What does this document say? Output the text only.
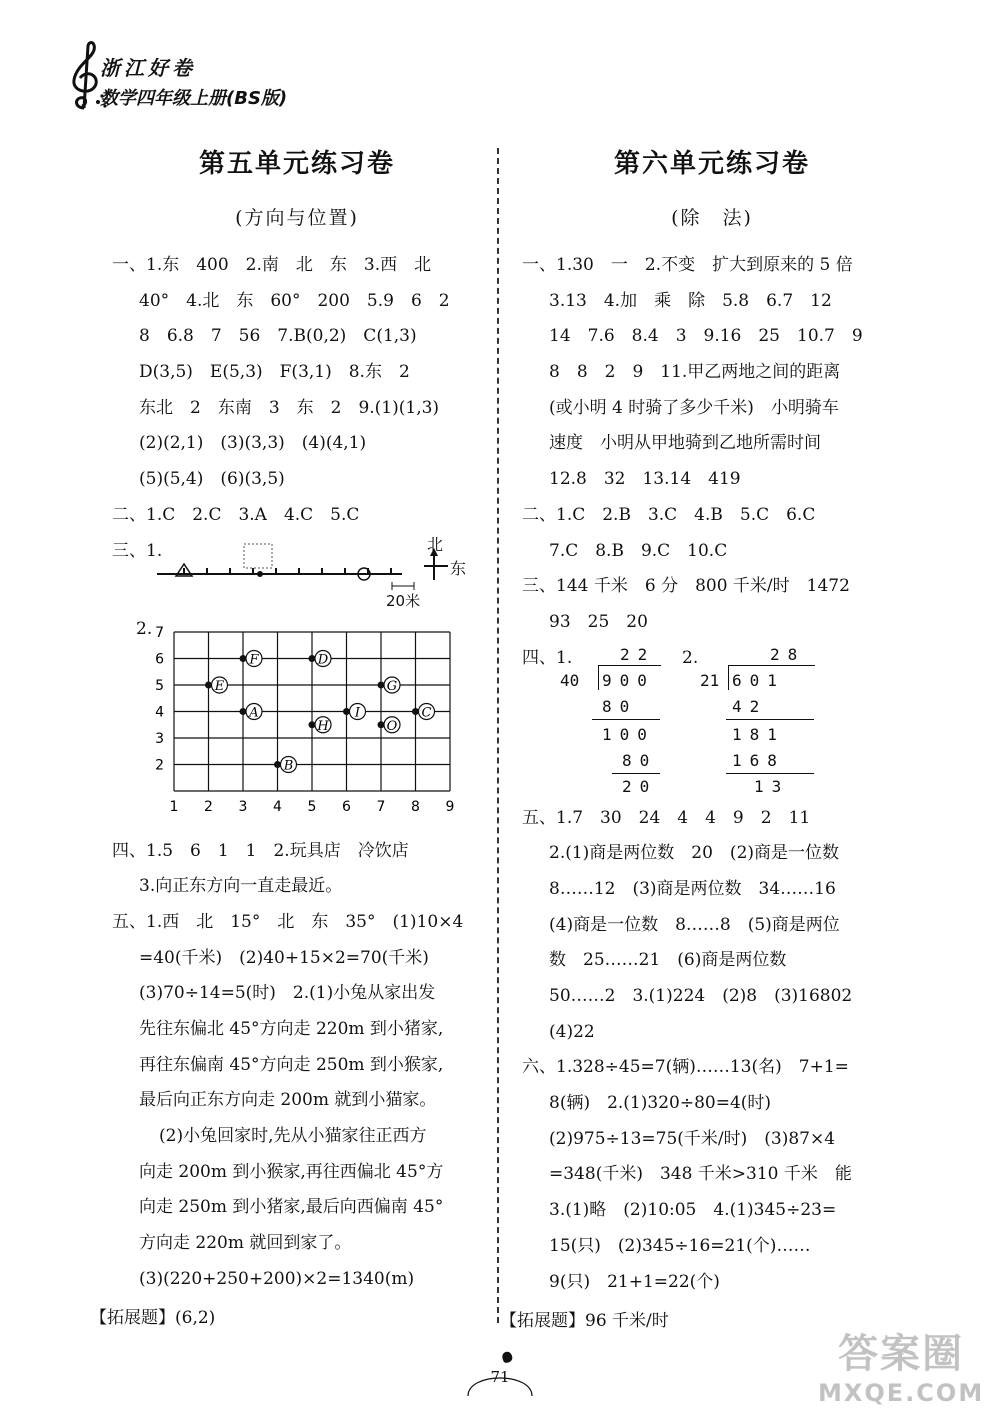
浙江好卷
数学四年级上册(BS版)
第五单元练习卷
(方向与位置)
一、1.东　400　2.南　北　东　3.西　北
40°　4.北　东　60°　200　5.9　6　2
8　6.8　7　56　7.B(0,2)　C(1,3)
D(3,5)　E(5,3)　F(3,1)　8.东　2
东北　2　东南　3　东　2　9.(1)(1,3)
(2)(2,1)　(3)(3,3)　(4)(4,1)
(5)(5,4)　(6)(3,5)
二、1.C　2.C　3.A　4.C　5.C
三、1.	北
东
20米
2.
1 2 3 4 5 6 7 8 9
7
6
5
4
3
2
F	D
E	G
A	I	C
H	O
B
四、1.5　6　1　1　2.玩具店　冷饮店
3.向正东方向一直走最近。
五、1.西　北　15°　北　东　35°　(1)10×4
=40(千米)　(2)40+15×2=70(千米)
(3)70÷14=5(时)　2.(1)小兔从家出发
先往东偏北 45°方向走 220m 到小猪家,
再往东偏南 45°方向走 250m 到小猴家,
最后向正东方向走 200m 就到小猫家。
(2)小兔回家时,先从小猫家往正西方
向走 200m 到小猴家,再往西偏北 45°方
向走 250m 到小猪家,最后向西偏南 45°
方向走 220m 就回到家了。
(3)(220+250+200)×2=1340(m)
【拓展题】(6,2)
第六单元练习卷
(除　法)
一、1.30　一　2.不变　扩大到原来的 5 倍
3.13　4.加　乘　除　5.8　6.7　12
14　7.6　8.4　3　9.16　25　10.7　9
8　8　2　9　11.甲乙两地之间的距离
(或小明 4 时骑了多少千米)　小明骑车
速度　小明从甲地骑到乙地所需时间
12.8　32　13.14　419
二、1.C　2.B　3.C　4.B　5.C　6.C
7.C　8.B　9.C　10.C
三、144 千米　6 分　800 千米/时　1472
93　25　20
四、1.	22
40 900
80
100
80
20
2.	28
21 601
42
181
168
13
五、1.7　30　24　4　4　9　2　11
2.(1)商是两位数　20　(2)商是一位数
8……12　(3)商是两位数　34……16
(4)商是一位数　8……8　(5)商是两位
数　25……21　(6)商是两位数
50……2　3.(1)224　(2)8　(3)16802
(4)22
六、1.328÷45=7(辆)……13(名)　7+1=
8(辆)　2.(1)320÷80=4(时)
(2)975÷13=75(千米/时)　(3)87×4
=348(千米)　348 千米>310 千米　能
3.(1)略　(2)10:05　4.(1)345÷23=
15(只)　(2)345÷16=21(个)……
9(只)　21+1=22(个)
【拓展题】96 千米/时
71	答案圈
MXQE.COM
